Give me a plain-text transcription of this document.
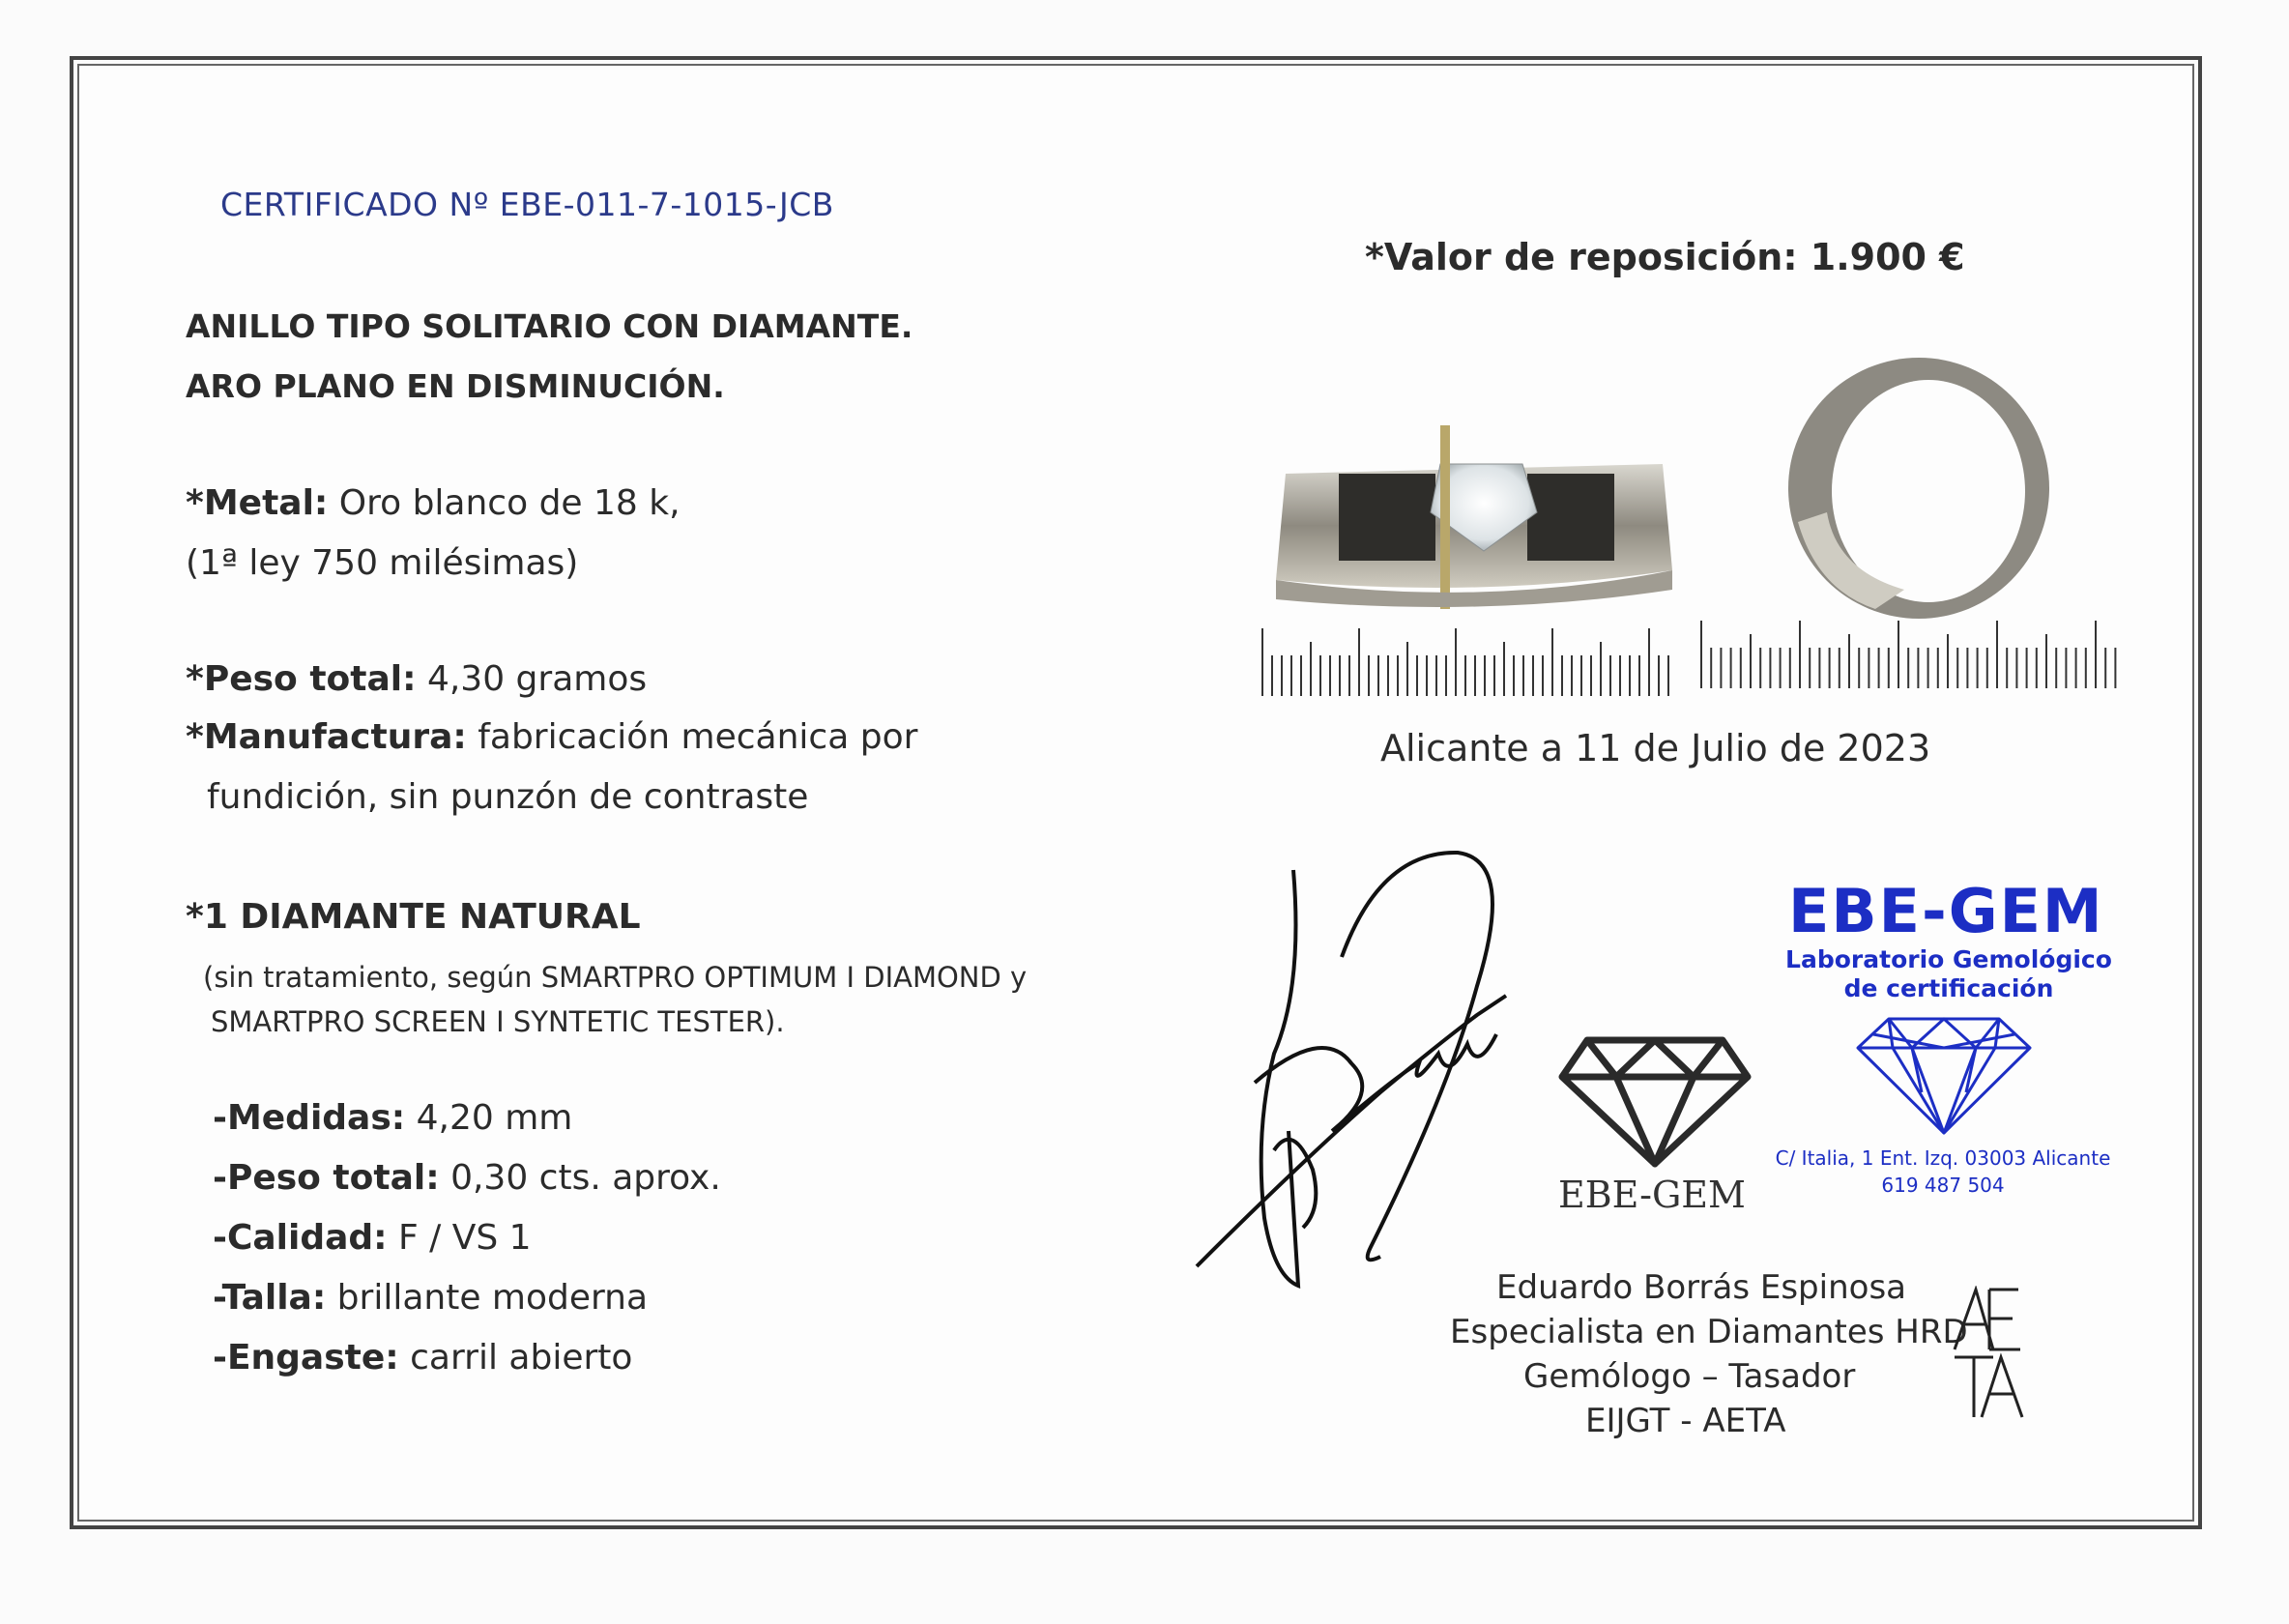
CERTIFICADO Nº EBE-011-7-1015-JCB
ANILLO TIPO SOLITARIO CON DIAMANTE.
ARO PLANO EN DISMINUCIÓN.
*Metal: Oro blanco de 18 k,
(1ª ley 750 milésimas)
*Peso total: 4,30 gramos
*Manufactura: fabricación mecánica por
fundición, sin punzón de contraste
*1 DIAMANTE NATURAL
(sin tratamiento, según SMARTPRO OPTIMUM I DIAMOND y
SMARTPRO SCREEN I SYNTETIC TESTER).
-Medidas: 4,20 mm
-Peso total: 0,30 cts. aprox.
-Calidad: F / VS 1
-Talla: brillante moderna
-Engaste: carril abierto
*Valor de reposición: 1.900 €
Alicante a 11 de Julio de 2023
EBE-GEM
EBE-GEM
Laboratorio Gemológico
de certificación
C/ Italia, 1 Ent. Izq. 03003 Alicante
619 487 504
Eduardo Borrás Espinosa
Especialista en Diamantes HRD
Gemólogo – Tasador
EIJGT - AETA
